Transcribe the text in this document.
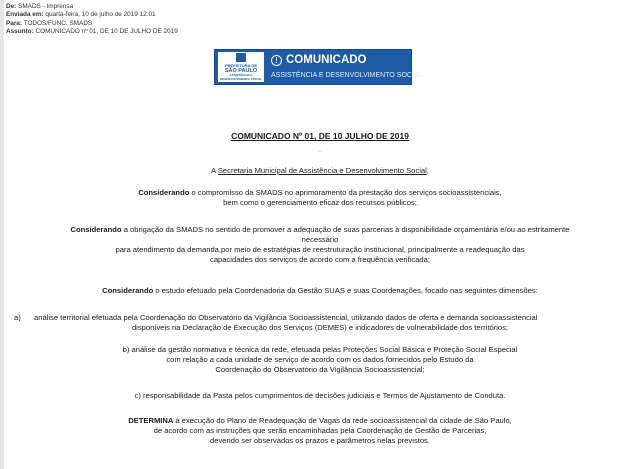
De: SMADS - Imprensa
Enviada em: quarta-feira, 10 de julho de 2019 12:01
Para: TODOS/FUNC. SMADS
Assunto: COMUNICADO nº 01, DE 10 DE JULHO DE 2019
PREFEITURA DE
SÃO PAULO
ASSISTÊNCIA E
DESENVOLVIMENTO SOCIAL
! COMUNICADO
ASSISTÊNCIA E DESENVOLVIMENTO SOCIAL
COMUNICADO Nº 01, DE 10 JULHO DE 2019
.
A Secretaria Municipal de Assistência e Desenvolvimento Social,
Considerando o compromisso da SMADS no aprimoramento da prestação dos serviços socioassistenciais,
bem como o gerenciamento eficaz dos recursos públicos;
Considerando a obrigação da SMADS no sentido de promover a adequação de suas parcerias à disponibilidade orçamentária e/ou ao estritamente
necessário
para atendimento da demanda,por meio de estratégias de reestruturação institucional, principalmente a readequação das
capacidades dos serviços de acordo com a frequência verificada;
Considerando o estudo efetuado pela Coordenadoria da Gestão SUAS e suas Coordenações, focado nas seguintes dimensões:
a) análise territorial efetuada pela Coordenação do Observatório da Vigilância Socioassistencial, utilizando dados de oferta e demanda socioassistencial
disponíveis na Declaração de Execução dos Serviços (DEMES) e indicadores de vulnerabilidade dos territórios;
b) análise da gestão normativa e técnica da rede, efetuada pelas Proteções Social Básica e Proteção Social Especial
com relação a cada unidade de serviço de acordo com os dados fornecidos pelo Estudo da
Coordenação do Observatório da Vigilância Socioassistencial;
c) responsabilidade da Pasta pelos cumprimentos de decisões judiciais e Termos de Ajustamento de Conduta.
DETERMINA à execução do Plano de Readequação de Vagas da rede socioassistencial da cidade de São Paulo,
de acordo com as instruções que serão encaminhadas pela Coordenação de Gestão de Parcerias,
devendo ser observados os prazos e parâmetros nelas previstos.
